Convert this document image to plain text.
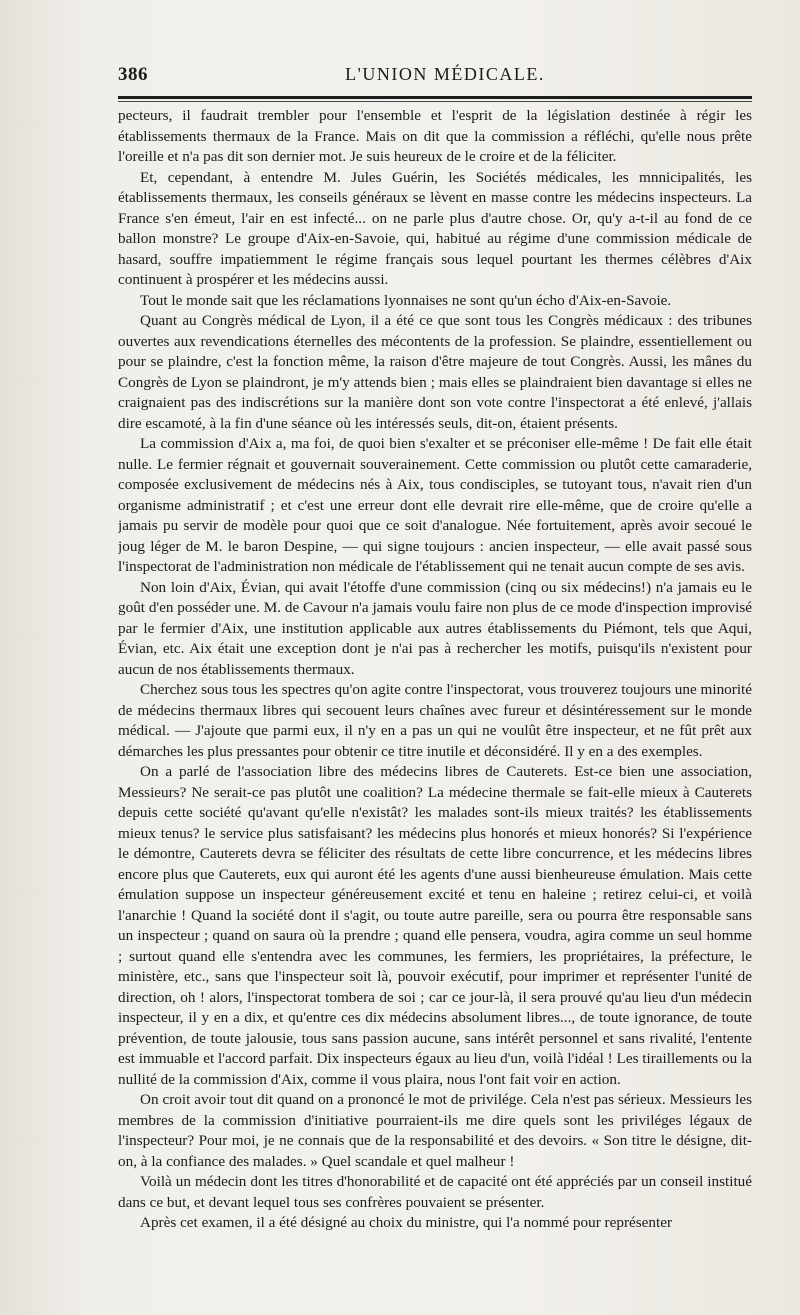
386	L'UNION MÉDICALE.

pecteurs, il faudrait trembler pour l'ensemble et l'esprit de la législation destinée à régir les établissements thermaux de la France. Mais on dit que la commission a réfléchi, qu'elle nous prête l'oreille et n'a pas dit son dernier mot. Je suis heureux de le croire et de la féliciter.

Et, cependant, à entendre M. Jules Guérin, les Sociétés médicales, les mnnicipalités, les établissements thermaux, les conseils généraux se lèvent en masse contre les médecins inspecteurs. La France s'en émeut, l'air en est infecté... on ne parle plus d'autre chose. Or, qu'y a-t-il au fond de ce ballon monstre? Le groupe d'Aix-en-Savoie, qui, habitué au régime d'une commission médicale de hasard, souffre impatiemment le régime français sous lequel pourtant les thermes célèbres d'Aix continuent à prospérer et les médecins aussi.

Tout le monde sait que les réclamations lyonnaises ne sont qu'un écho d'Aix-en-Savoie.

Quant au Congrès médical de Lyon, il a été ce que sont tous les Congrès médicaux : des tribunes ouvertes aux revendications éternelles des mécontents de la profession. Se plaindre, essentiellement ou pour se plaindre, c'est la fonction même, la raison d'être majeure de tout Congrès. Aussi, les mânes du Congrès de Lyon se plaindront, je m'y attends bien ; mais elles se plaindraient bien davantage si elles ne craignaient pas des indiscrétions sur la manière dont son vote contre l'inspectorat a été enlevé, j'allais dire escamoté, à la fin d'une séance où les intéressés seuls, dit-on, étaient présents.

La commission d'Aix a, ma foi, de quoi bien s'exalter et se préconiser elle-même ! De fait elle était nulle. Le fermier régnait et gouvernait souverainement. Cette commission ou plutôt cette camaraderie, composée exclusivement de médecins nés à Aix, tous condisciples, se tutoyant tous, n'avait rien d'un organisme administratif ; et c'est une erreur dont elle devrait rire elle-même, que de croire qu'elle a jamais pu servir de modèle pour quoi que ce soit d'analogue. Née fortuitement, après avoir secoué le joug léger de M. le baron Despine, — qui signe toujours : ancien inspecteur, — elle avait passé sous l'inspectorat de l'administration non médicale de l'établissement qui ne tenait aucun compte de ses avis.

Non loin d'Aix, Évian, qui avait l'étoffe d'une commission (cinq ou six médecins!) n'a jamais eu le goût d'en posséder une. M. de Cavour n'a jamais voulu faire non plus de ce mode d'inspection improvisé par le fermier d'Aix, une institution applicable aux autres établissements du Piémont, tels que Aqui, Évian, etc. Aix était une exception dont je n'ai pas à rechercher les motifs, puisqu'ils n'existent pour aucun de nos établissements thermaux.

Cherchez sous tous les spectres qu'on agite contre l'inspectorat, vous trouverez toujours une minorité de médecins thermaux libres qui secouent leurs chaînes avec fureur et désintéressement sur le monde médical. — J'ajoute que parmi eux, il n'y en a pas un qui ne voulût être inspecteur, et ne fût prêt aux démarches les plus pressantes pour obtenir ce titre inutile et déconsidéré. Il y en a des exemples.

On a parlé de l'association libre des médecins libres de Cauterets. Est-ce bien une association, Messieurs? Ne serait-ce pas plutôt une coalition? La médecine thermale se fait-elle mieux à Cauterets depuis cette société qu'avant qu'elle n'existât? les malades sont-ils mieux traités? les établissements mieux tenus? le service plus satisfaisant? les médecins plus honorés et mieux honorés? Si l'expérience le démontre, Cauterets devra se féliciter des résultats de cette libre concurrence, et les médecins libres encore plus que Cauterets, eux qui auront été les agents d'une aussi bienheureuse émulation. Mais cette émulation suppose un inspecteur généreusement excité et tenu en haleine ; retirez celui-ci, et voilà l'anarchie ! Quand la société dont il s'agit, ou toute autre pareille, sera ou pourra être responsable sans un inspecteur ; quand on saura où la prendre ; quand elle pensera, voudra, agira comme un seul homme ; surtout quand elle s'entendra avec les communes, les fermiers, les propriétaires, la préfecture, le ministère, etc., sans que l'inspecteur soit là, pouvoir exécutif, pour imprimer et représenter l'unité de direction, oh ! alors, l'inspectorat tombera de soi ; car ce jour-là, il sera prouvé qu'au lieu d'un médecin inspecteur, il y en a dix, et qu'entre ces dix médecins absolument libres..., de toute ignorance, de toute prévention, de toute jalousie, tous sans passion aucune, sans intérêt personnel et sans rivalité, l'entente est immuable et l'accord parfait. Dix inspecteurs égaux au lieu d'un, voilà l'idéal ! Les tiraillements ou la nullité de la commission d'Aix, comme il vous plaira, nous l'ont fait voir en action.

On croit avoir tout dit quand on a prononcé le mot de privilége. Cela n'est pas sérieux. Messieurs les membres de la commission d'initiative pourraient-ils me dire quels sont les priviléges légaux de l'inspecteur? Pour moi, je ne connais que de la responsabilité et des devoirs. « Son titre le désigne, dit-on, à la confiance des malades. » Quel scandale et quel malheur !

Voilà un médecin dont les titres d'honorabilité et de capacité ont été appréciés par un conseil institué dans ce but, et devant lequel tous ses confrères pouvaient se présenter.

Après cet examen, il a été désigné au choix du ministre, qui l'a nommé pour représenter
